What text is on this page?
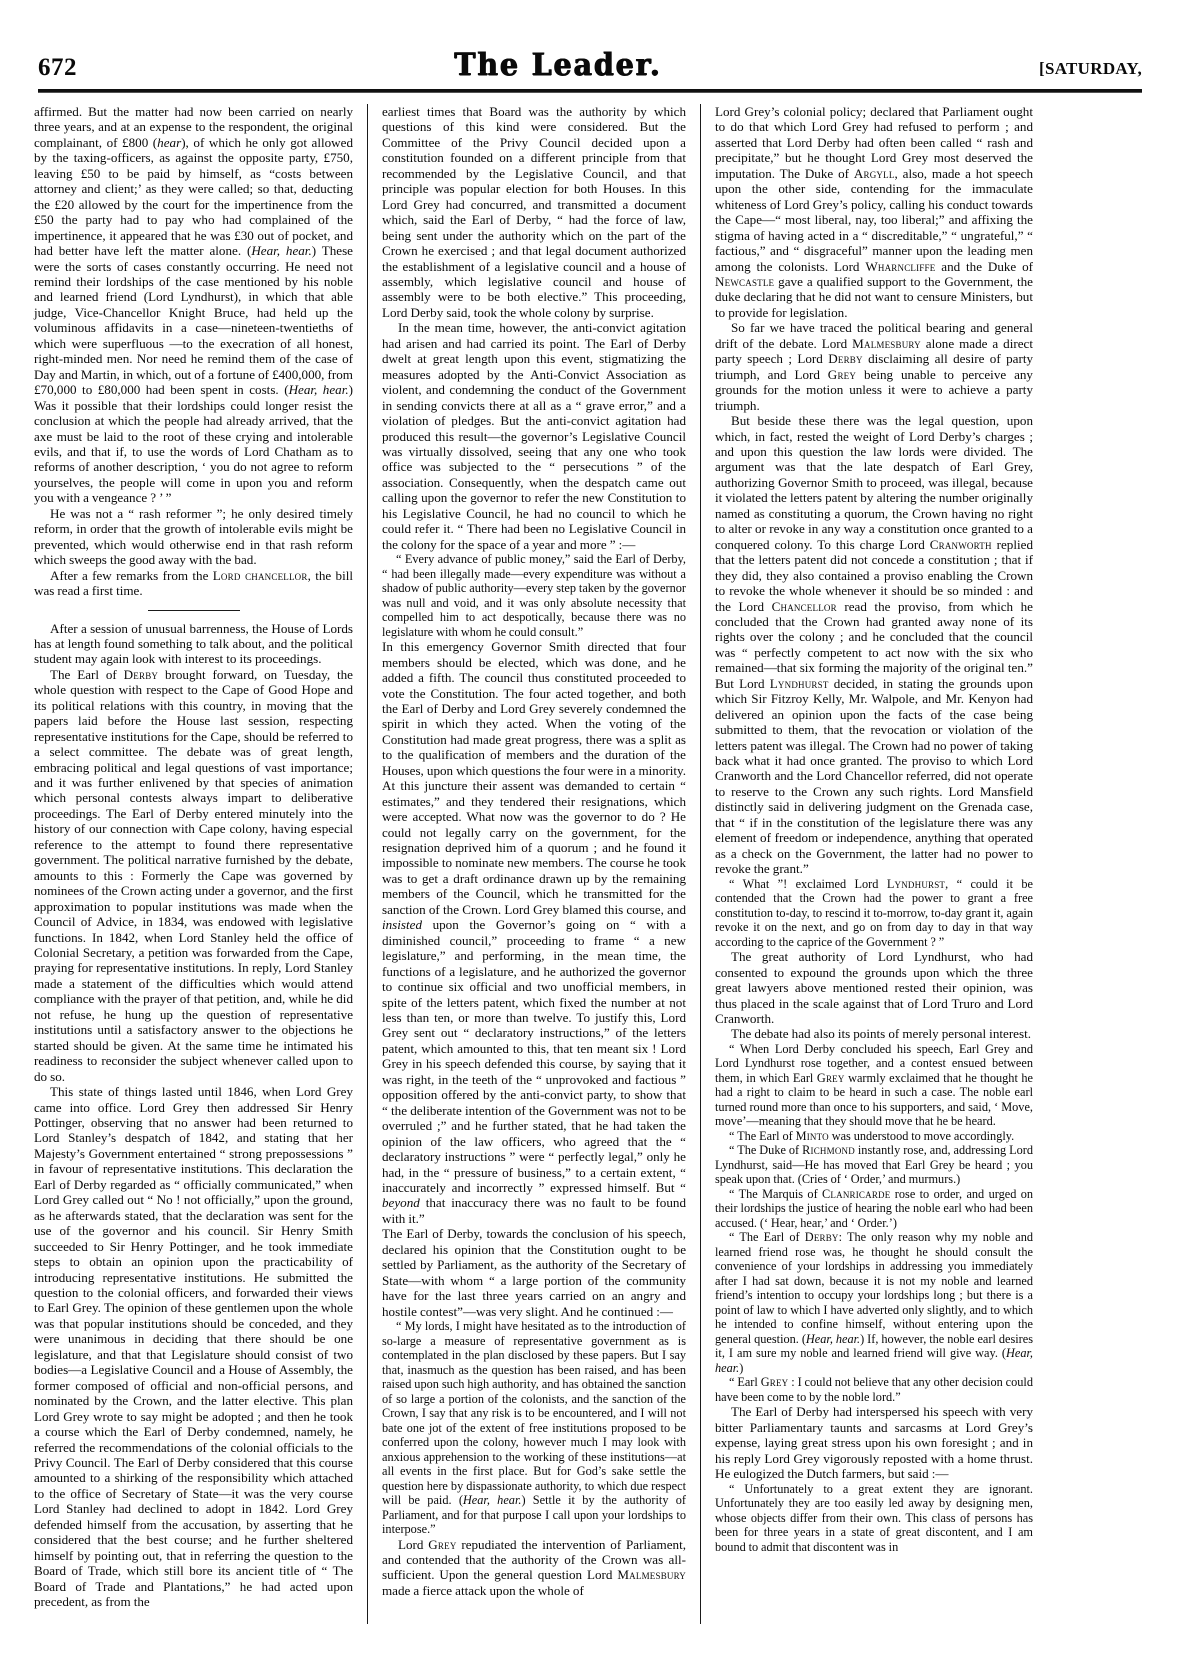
672	The Leader.	[SATURDAY,

affirmed. But the matter had now been carried on nearly three years, and at an expense to the respondent, the original complainant, of £800 (hear), of which he only got allowed by the taxing-officers, as against the opposite party, £750, leaving £50 to be paid by himself, as “costs between attorney and client;’ as they were called; so that, deducting the £20 allowed by the court for the impertinence from the £50 the party had to pay who had complained of the impertinence, it appeared that he was £30 out of pocket, and had better have left the matter alone. (Hear, hear.) These were the sorts of cases constantly occurring. He need not remind their lordships of the case mentioned by his noble and learned friend (Lord Lyndhurst), in which that able judge, Vice-Chancellor Knight Bruce, had held up the voluminous affidavits in a case—nineteen-twentieths of which were superfluous —to the execration of all honest, right-minded men. Nor need he remind them of the case of Day and Martin, in which, out of a fortune of £400,000, from £70,000 to £80,000 had been spent in costs. (Hear, hear.) Was it possible that their lordships could longer resist the conclusion at which the people had already arrived, that the axe must be laid to the root of these crying and intolerable evils, and that if, to use the words of Lord Chatham as to reforms of another description, ‘ you do not agree to reform yourselves, the people will come in upon you and reform you with a vengeance ? ’ ”

He was not a “ rash reformer ”; he only desired timely reform, in order that the growth of intolerable evils might be prevented, which would otherwise end in that rash reform which sweeps the good away with the bad.

After a few remarks from the Lord chancellor, the bill was read a first time.

After a session of unusual barrenness, the House of Lords has at length found something to talk about, and the political student may again look with interest to its proceedings.

The Earl of Derby brought forward, on Tuesday, the whole question with respect to the Cape of Good Hope and its political relations with this country, in moving that the papers laid before the House last session, respecting representative institutions for the Cape, should be referred to a select committee. The debate was of great length, embracing political and legal questions of vast importance; and it was further enlivened by that species of animation which personal contests always impart to deliberative proceedings. The Earl of Derby entered minutely into the history of our connection with Cape colony, having especial reference to the attempt to found there representative government. The political narrative furnished by the debate, amounts to this : Formerly the Cape was governed by nominees of the Crown acting under a governor, and the first approximation to popular institutions was made when the Council of Advice, in 1834, was endowed with legislative functions. In 1842, when Lord Stanley held the office of Colonial Secretary, a petition was forwarded from the Cape, praying for representative institutions. In reply, Lord Stanley made a statement of the difficulties which would attend compliance with the prayer of that petition, and, while he did not refuse, he hung up the question of representative institutions until a satisfactory answer to the objections he started should be given. At the same time he intimated his readiness to reconsider the subject whenever called upon to do so.

This state of things lasted until 1846, when Lord Grey came into office. Lord Grey then addressed Sir Henry Pottinger, observing that no answer had been returned to Lord Stanley’s despatch of 1842, and stating that her Majesty’s Government entertained “ strong prepossessions ” in favour of representative institutions. This declaration the Earl of Derby regarded as “ officially communicated,” when Lord Grey called out “ No ! not officially,” upon the ground, as he afterwards stated, that the declaration was sent for the use of the governor and his council. Sir Henry Smith succeeded to Sir Henry Pottinger, and he took immediate steps to obtain an opinion upon the practicability of introducing representative institutions. He submitted the question to the colonial officers, and forwarded their views to Earl Grey. The opinion of these gentlemen upon the whole was that popular institutions should be conceded, and they were unanimous in deciding that there should be one legislature, and that that Legislature should consist of two bodies—a Legislative Council and a House of Assembly, the former composed of official and non-official persons, and nominated by the Crown, and the latter elective. This plan Lord Grey wrote to say might be adopted ; and then he took a course which the Earl of Derby condemned, namely, he referred the recommendations of the colonial officials to the Privy Council. The Earl of Derby considered that this course amounted to a shirking of the responsibility which attached to the office of Secretary of State—it was the very course Lord Stanley had declined to adopt in 1842. Lord Grey defended himself from the accusation, by asserting that he considered that the best course; and he further sheltered himself by pointing out, that in referring the question to the Board of Trade, which still bore its ancient title of “ The Board of Trade and Plantations,” he had acted upon precedent, as from the

earliest times that Board was the authority by which questions of this kind were considered. But the Committee of the Privy Council decided upon a constitution founded on a different principle from that recommended by the Legislative Council, and that principle was popular election for both Houses. In this Lord Grey had concurred, and transmitted a document which, said the Earl of Derby, “ had the force of law, being sent under the authority which on the part of the Crown he exercised ; and that legal document authorized the establishment of a legislative council and a house of assembly, which legislative council and house of assembly were to be both elective.” This proceeding, Lord Derby said, took the whole colony by surprise.

In the mean time, however, the anti-convict agitation had arisen and had carried its point. The Earl of Derby dwelt at great length upon this event, stigmatizing the measures adopted by the Anti-Convict Association as violent, and condemning the conduct of the Government in sending convicts there at all as a “ grave error,” and a violation of pledges. But the anti-convict agitation had produced this result—the governor’s Legislative Council was virtually dissolved, seeing that any one who took office was subjected to the “ persecutions ” of the association. Consequently, when the despatch came out calling upon the governor to refer the new Constitution to his Legislative Council, he had no council to which he could refer it. “ There had been no Legislative Council in the colony for the space of a year and more ” :—

“ Every advance of public money,” said the Earl of Derby, “ had been illegally made—every expenditure was without a shadow of public authority—every step taken by the governor was null and void, and it was only absolute necessity that compelled him to act despotically, because there was no legislature with whom he could consult.”

In this emergency Governor Smith directed that four members should be elected, which was done, and he added a fifth. The council thus constituted proceeded to vote the Constitution. The four acted together, and both the Earl of Derby and Lord Grey severely condemned the spirit in which they acted. When the voting of the Constitution had made great progress, there was a split as to the qualification of members and the duration of the Houses, upon which questions the four were in a minority. At this juncture their assent was demanded to certain “ estimates,” and they tendered their resignations, which were accepted. What now was the governor to do ? He could not legally carry on the government, for the resignation deprived him of a quorum ; and he found it impossible to nominate new members. The course he took was to get a draft ordinance drawn up by the remaining members of the Council, which he transmitted for the sanction of the Crown. Lord Grey blamed this course, and insisted upon the Governor’s going on “ with a diminished council,” proceeding to frame “ a new legislature,” and performing, in the mean time, the functions of a legislature, and he authorized the governor to continue six official and two unofficial members, in spite of the letters patent, which fixed the number at not less than ten, or more than twelve. To justify this, Lord Grey sent out “ declaratory instructions,” of the letters patent, which amounted to this, that ten meant six ! Lord Grey in his speech defended this course, by saying that it was right, in the teeth of the “ unprovoked and factious ” opposition offered by the anti-convict party, to show that “ the deliberate intention of the Government was not to be overruled ;” and he further stated, that he had taken the opinion of the law officers, who agreed that the “ declaratory instructions ” were “ perfectly legal,” only he had, in the “ pressure of business,” to a certain extent, “ inaccurately and incorrectly ” expressed himself. But “ beyond that inaccuracy there was no fault to be found with it.”

The Earl of Derby, towards the conclusion of his speech, declared his opinion that the Constitution ought to be settled by Parliament, as the authority of the Secretary of State—with whom “ a large portion of the community have for the last three years carried on an angry and hostile contest”—was very slight. And he continued :—

“ My lords, I might have hesitated as to the introduction of so-large a measure of representative government as is contemplated in the plan disclosed by these papers. But I say that, inasmuch as the question has been raised, and has been raised upon such high authority, and has obtained the sanction of so large a portion of the colonists, and the sanction of the Crown, I say that any risk is to be encountered, and I will not bate one jot of the extent of free institutions proposed to be conferred upon the colony, however much I may look with anxious apprehension to the working of these institutions—at all events in the first place. But for God’s sake settle the question here by dispassionate authority, to which due respect will be paid. (Hear, hear.) Settle it by the authority of Parliament, and for that purpose I call upon your lordships to interpose.”

Lord Grey repudiated the intervention of Parliament, and contended that the authority of the Crown was all-sufficient. Upon the general question Lord Malmesbury made a fierce attack upon the whole of

Lord Grey’s colonial policy; declared that Parliament ought to do that which Lord Grey had refused to perform ; and asserted that Lord Derby had often been called “ rash and precipitate,” but he thought Lord Grey most deserved the imputation. The Duke of Argyll, also, made a hot speech upon the other side, contending for the immaculate whiteness of Lord Grey’s policy, calling his conduct towards the Cape—“ most liberal, nay, too liberal;” and affixing the stigma of having acted in a “ discreditable,” “ ungrateful,” “ factious,” and “ disgraceful” manner upon the leading men among the colonists. Lord Wharncliffe and the Duke of Newcastle gave a qualified support to the Government, the duke declaring that he did not want to censure Ministers, but to provide for legislation.

So far we have traced the political bearing and general drift of the debate. Lord Malmesbury alone made a direct party speech ; Lord Derby disclaiming all desire of party triumph, and Lord Grey being unable to perceive any grounds for the motion unless it were to achieve a party triumph.

But beside these there was the legal question, upon which, in fact, rested the weight of Lord Derby’s charges ; and upon this question the law lords were divided. The argument was that the late despatch of Earl Grey, authorizing Governor Smith to proceed, was illegal, because it violated the letters patent by altering the number originally named as constituting a quorum, the Crown having no right to alter or revoke in any way a constitution once granted to a conquered colony. To this charge Lord Cranworth replied that the letters patent did not concede a constitution ; that if they did, they also contained a proviso enabling the Crown to revoke the whole whenever it should be so minded : and the Lord Chancellor read the proviso, from which he concluded that the Crown had granted away none of its rights over the colony ; and he concluded that the council was “ perfectly competent to act now with the six who remained—that six forming the majority of the original ten.” But Lord Lyndhurst decided, in stating the grounds upon which Sir Fitzroy Kelly, Mr. Walpole, and Mr. Kenyon had delivered an opinion upon the facts of the case being submitted to them, that the revocation or violation of the letters patent was illegal. The Crown had no power of taking back what it had once granted. The proviso to which Lord Cranworth and the Lord Chancellor referred, did not operate to reserve to the Crown any such rights. Lord Mansfield distinctly said in delivering judgment on the Grenada case, that “ if in the constitution of the legislature there was any element of freedom or independence, anything that operated as a check on the Government, the latter had no power to revoke the grant.”

“ What ”! exclaimed Lord Lyndhurst, “ could it be contended that the Crown had the power to grant a free constitution to-day, to rescind it to-morrow, to-day grant it, again revoke it on the next, and go on from day to day in that way according to the caprice of the Government ? ”

The great authority of Lord Lyndhurst, who had consented to expound the grounds upon which the three great lawyers above mentioned rested their opinion, was thus placed in the scale against that of Lord Truro and Lord Cranworth.

The debate had also its points of merely personal interest.

“ When Lord Derby concluded his speech, Earl Grey and Lord Lyndhurst rose together, and a contest ensued between them, in which Earl Grey warmly exclaimed that he thought he had a right to claim to be heard in such a case. The noble earl turned round more than once to his supporters, and said, ‘ Move, move’—meaning that they should move that he be heard.

“ The Earl of Minto was understood to move accordingly.

“ The Duke of Richmond instantly rose, and, addressing Lord Lyndhurst, said—He has moved that Earl Grey be heard ; you speak upon that. (Cries of ‘ Order,’ and murmurs.)

“ The Marquis of Clanricarde rose to order, and urged on their lordships the justice of hearing the noble earl who had been accused. (‘ Hear, hear,’ and ‘ Order.’)

“ The Earl of Derby: The only reason why my noble and learned friend rose was, he thought he should consult the convenience of your lordships in addressing you immediately after I had sat down, because it is not my noble and learned friend’s intention to occupy your lordships long ; but there is a point of law to which I have adverted only slightly, and to which he intended to confine himself, without entering upon the general question. (Hear, hear.) If, however, the noble earl desires it, I am sure my noble and learned friend will give way. (Hear, hear.)

“ Earl Grey : I could not believe that any other decision could have been come to by the noble lord.”

The Earl of Derby had interspersed his speech with very bitter Parliamentary taunts and sarcasms at Lord Grey’s expense, laying great stress upon his own foresight ; and in his reply Lord Grey vigorously reposted with a home thrust. He eulogized the Dutch farmers, but said :—

“ Unfortunately to a great extent they are ignorant. Unfortunately they are too easily led away by designing men, whose objects differ from their own. This class of persons has been for three years in a state of great discontent, and I am bound to admit that discontent was in
